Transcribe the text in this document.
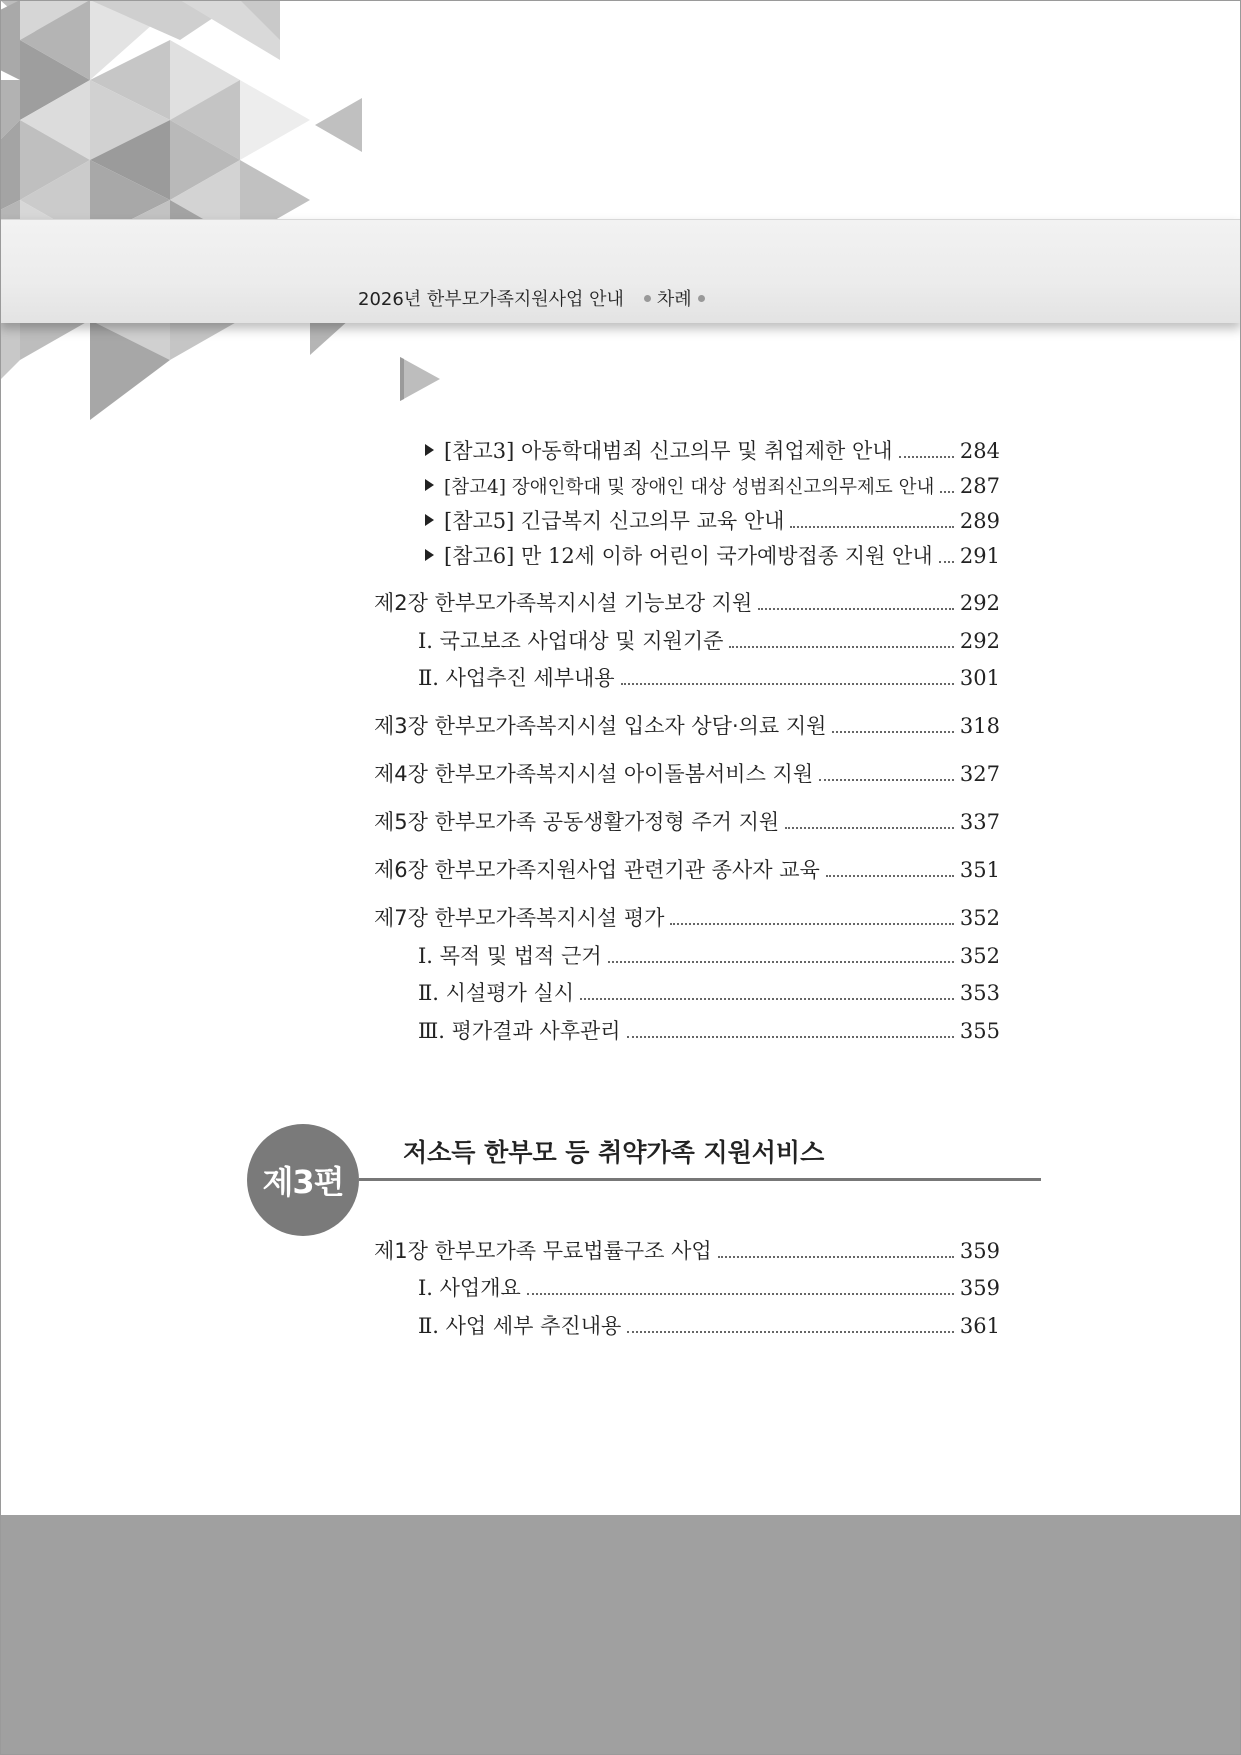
2026년 한부모가족지원사업 안내 차례
[참고3] 아동학대범죄 신고의무 및 취업제한 안내	284
[참고4] 장애인학대 및 장애인 대상 성범죄신고의무제도 안내 287
[참고5] 긴급복지 신고의무 교육 안내	289
[참고6] 만 12세 이하 어린이 국가예방접종 지원 안내 291
제2장 한부모가족복지시설 기능보강 지원	292
Ⅰ. 국고보조 사업대상 및 지원기준	292
Ⅱ. 사업추진 세부내용	301
제3장 한부모가족복지시설 입소자 상담·의료 지원	318
제4장 한부모가족복지시설 아이돌봄서비스 지원	327
제5장 한부모가족 공동생활가정형 주거 지원	337
제6장 한부모가족지원사업 관련기관 종사자 교육	351
제7장 한부모가족복지시설 평가	352
Ⅰ. 목적 및 법적 근거	352
Ⅱ. 시설평가 실시	353
Ⅲ. 평가결과 사후관리	355
제3편
저소득 한부모 등 취약가족 지원서비스
제1장 한부모가족 무료법률구조 사업	359
Ⅰ. 사업개요	359
Ⅱ. 사업 세부 추진내용	361
